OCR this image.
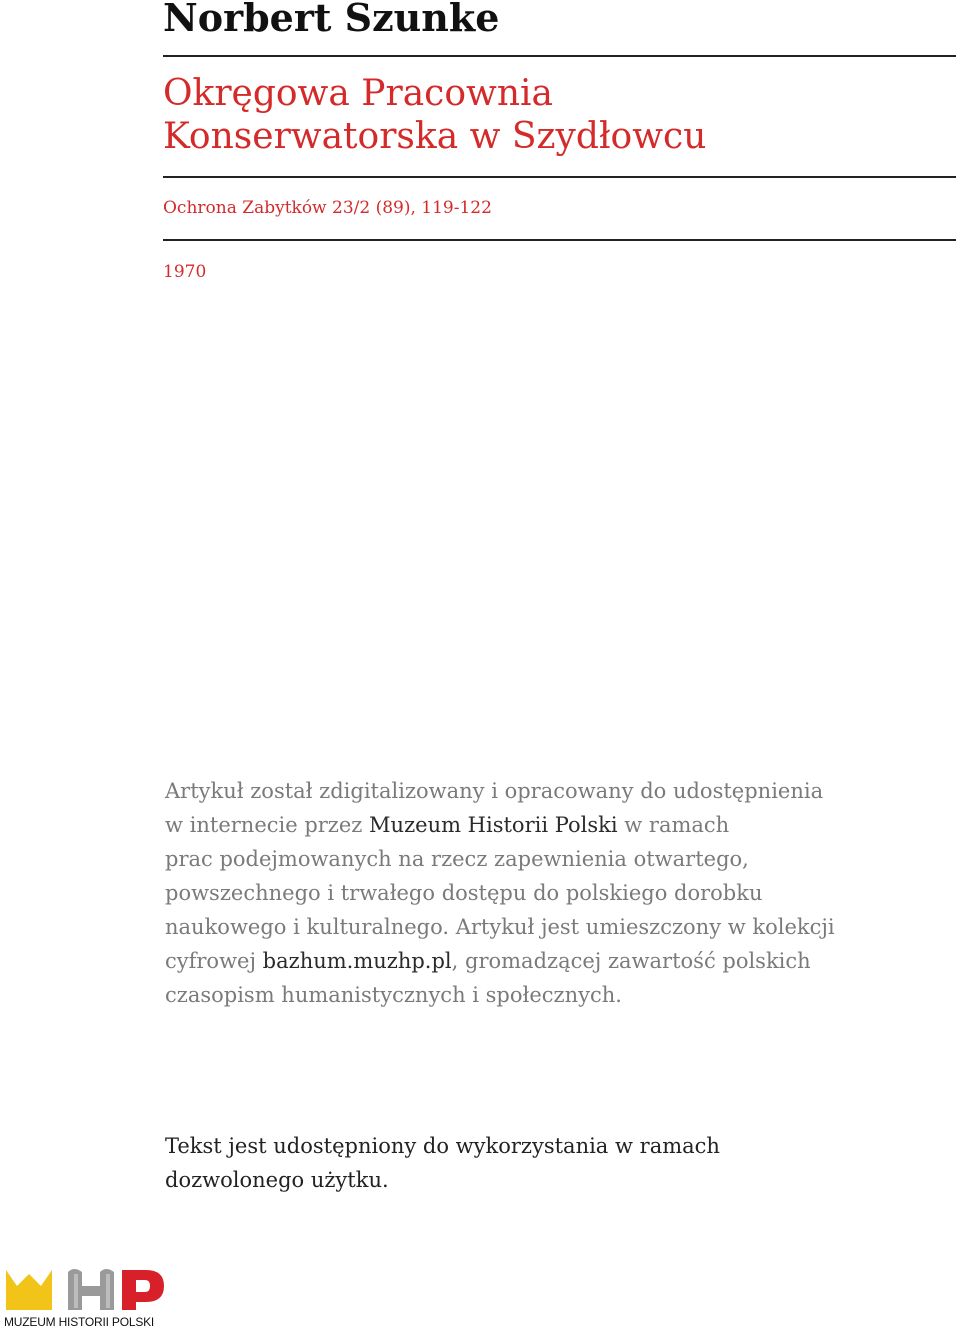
Norbert Szunke
Okręgowa Pracownia
Konserwatorska w Szydłowcu
Ochrona Zabytków 23/2 (89), 119-122
1970
Artykuł został zdigitalizowany i opracowany do udostępnienia
w internecie przez Muzeum Historii Polski w ramach
prac podejmowanych na rzecz zapewnienia otwartego,
powszechnego i trwałego dostępu do polskiego dorobku
naukowego i kulturalnego. Artykuł jest umieszczony w kolekcji
cyfrowej bazhum.muzhp.pl, gromadzącej zawartość polskich
czasopism humanistycznych i społecznych.
Tekst jest udostępniony do wykorzystania w ramach
dozwolonego użytku.
MUZEUM HISTORII POLSKI
